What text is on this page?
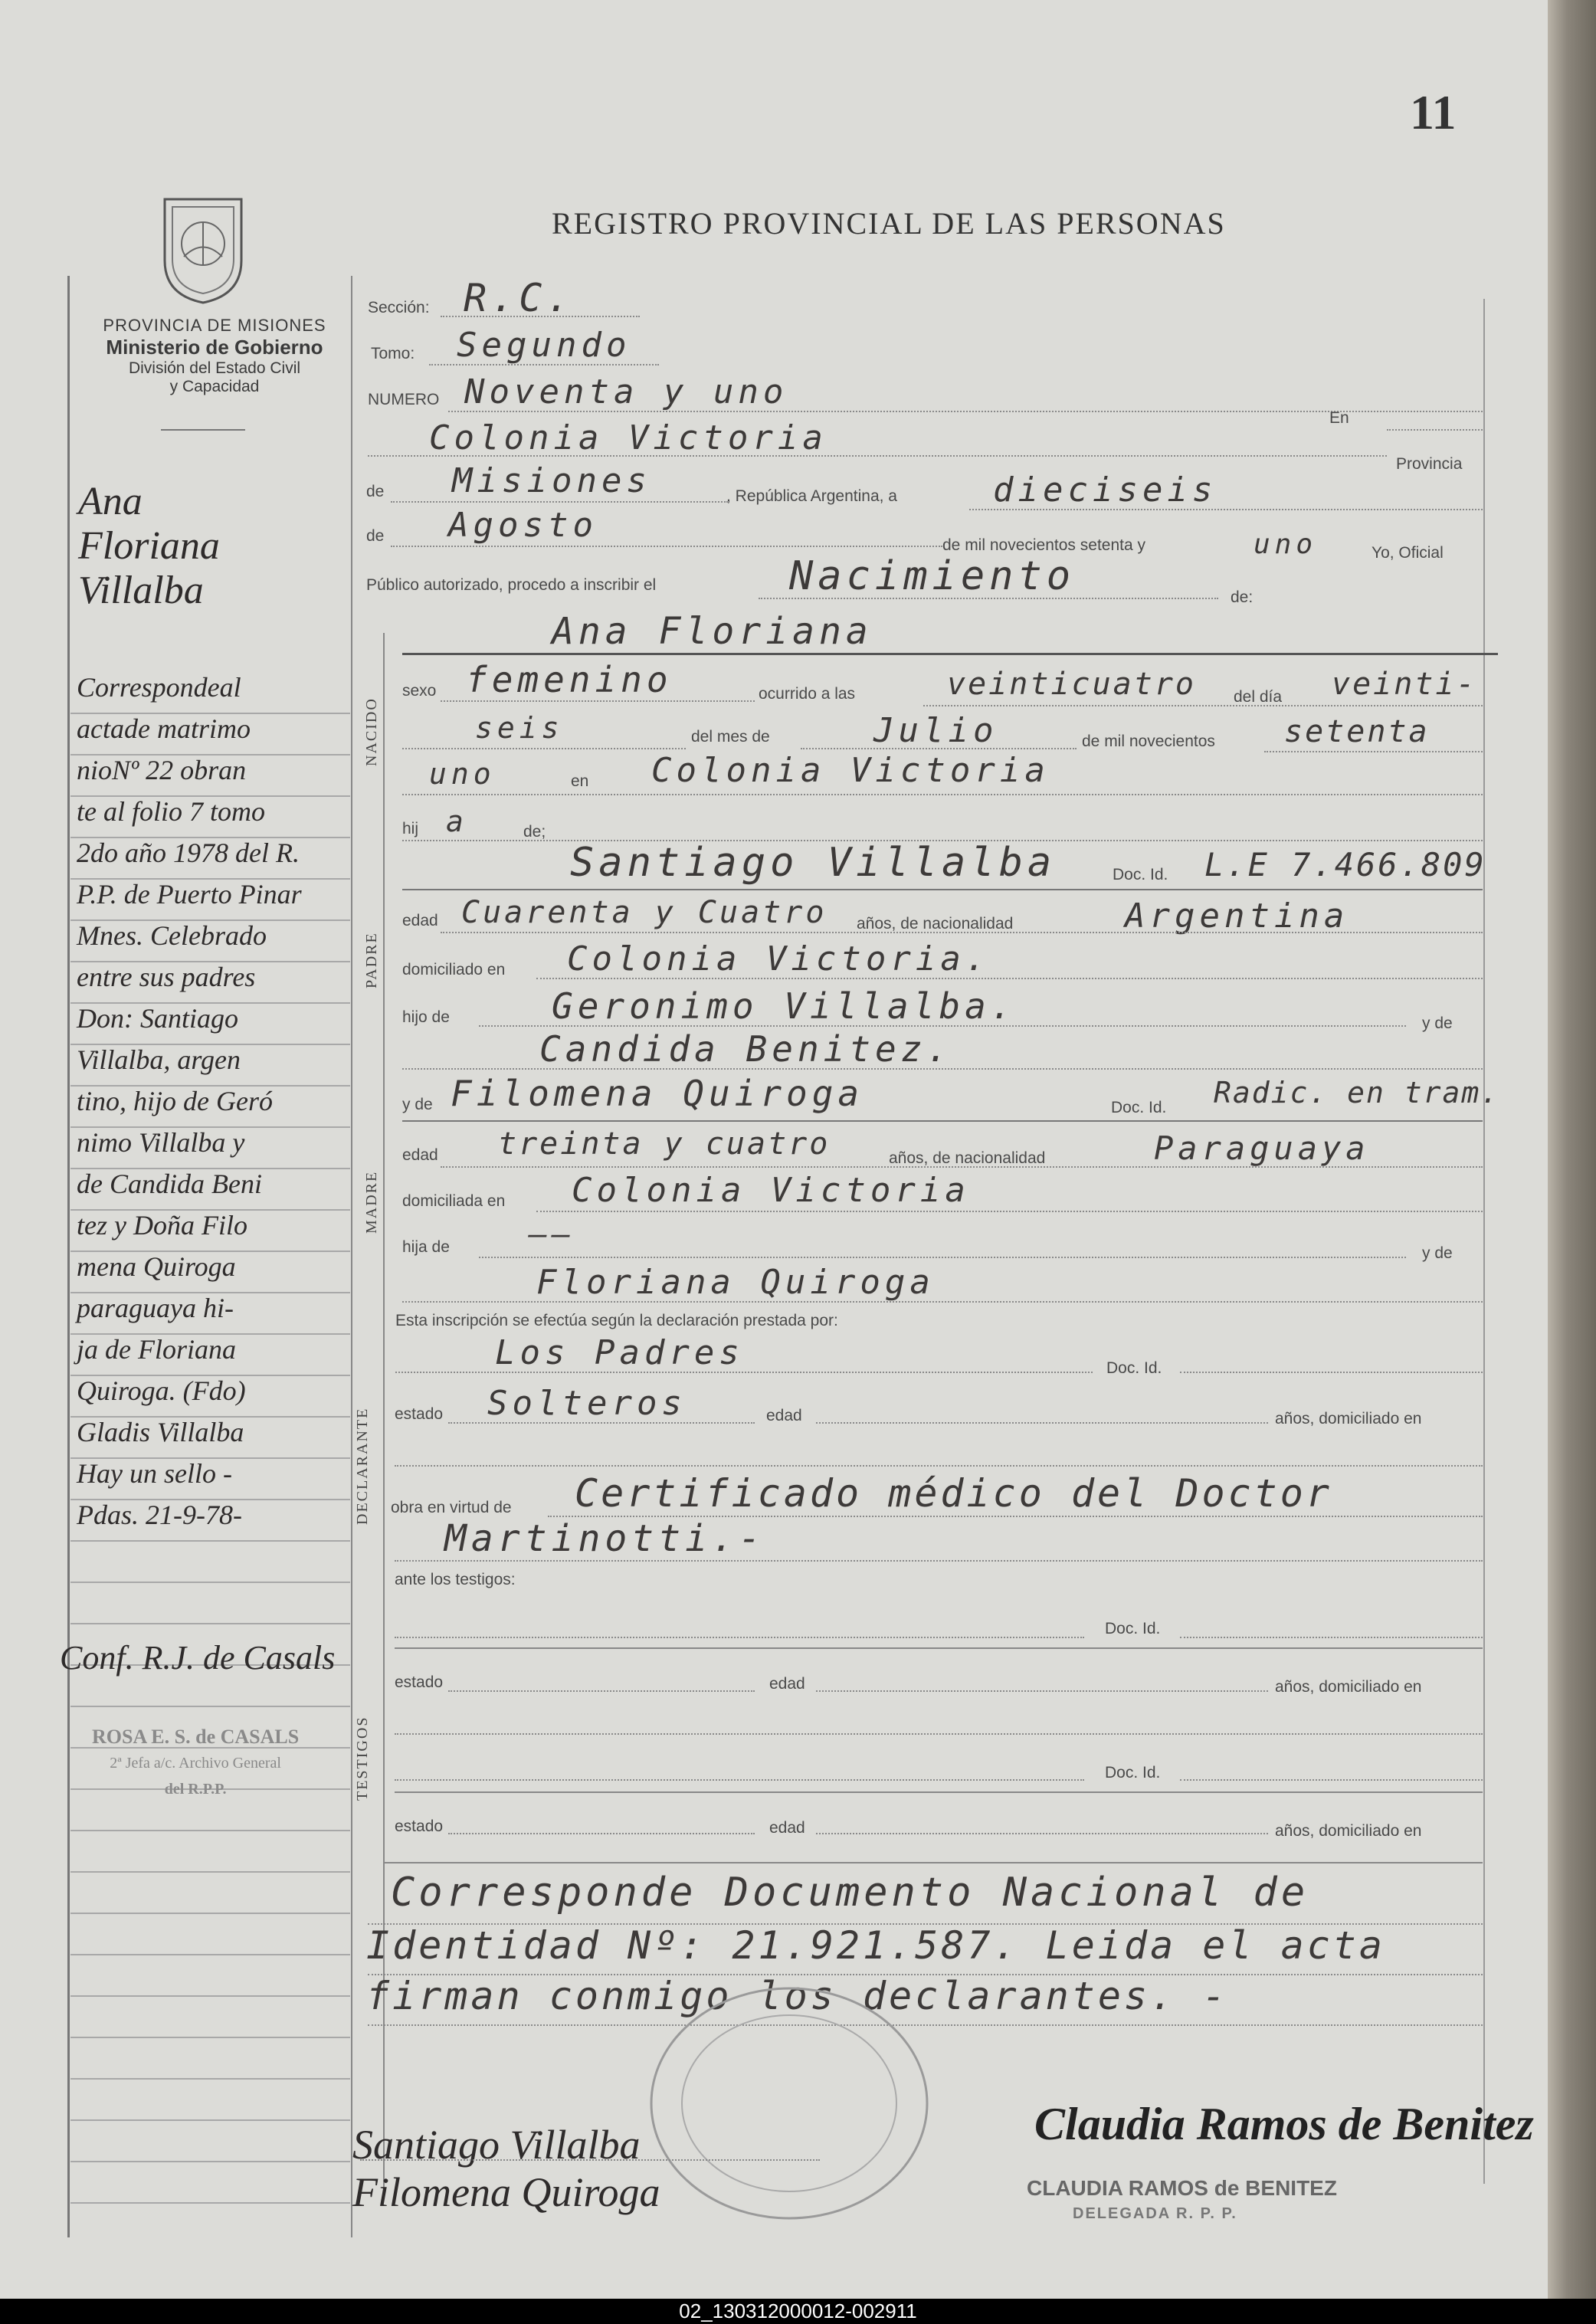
11
REGISTRO PROVINCIAL DE LAS PERSONAS
PROVINCIA DE MISIONES
Ministerio de Gobierno
División del Estado Civil
y Capacidad
Ana
Floriana
Villalba
Correspondeal
actade matrimo
nioNº 22 obran
te al folio 7 tomo
2do año 1978 del R.
P.P. de Puerto Pinar
Mnes. Celebrado
entre sus padres
Don: Santiago
Villalba, argen
tino, hijo de Geró
nimo Villalba y
de Candida Beni
tez y Doña Filo
mena Quiroga
paraguaya hi-
ja de Floriana
Quiroga. (Fdo)
Gladis Villalba
Hay un sello -
Pdas. 21-9-78-
Conf. R.J. de Casals
ROSA E. S. de CASALS
2ª Jefa a/c. Archivo General
del R.P.P.
Sección: R.C.
Tomo: Segundo
NUMERO Noventa y uno
En
Colonia Victoria
Provincia
de Misiones	, República Argentina, a	dieciseis
de Agosto
de mil novecientos setenta y	uno	Yo, Oficial
Público autorizado, procedo a inscribir el	Nacimiento	de:
NACIDO
Ana Floriana
sexo femenino	ocurrido a las	veinticuatro del día veinti-
seis	del mes de	Julio	de mil novecientos setenta
uno	en Colonia Victoria
hij a	de;
PADRE
Santiago Villalba	Doc. Id. L.E 7.466.809
edad Cuarenta y Cuatro años, de nacionalidad	Argentina
domiciliado en Colonia Victoria.
hijo de	Geronimo Villalba.	y de
Candida Benitez.
MADRE
y de Filomena Quiroga	Doc. Id. Radic. en tram.
edad treinta y cuatro	años, de nacionalidad	Paraguaya
domiciliada en Colonia Victoria
hija de	——
y de
Floriana Quiroga
Esta inscripción se efectúa según la declaración prestada por:
Los Padres	Doc. Id.
DECLARANTE estado Solteros	edad	años, domiciliado en
obra en virtud de Certificado médico del Doctor
Martinotti.-
ante los testigos:
TESTIGOS
Doc. Id.
estado	edad	años, domiciliado en
Doc. Id.
estado	edad	años, domiciliado en
Corresponde Documento Nacional de
Identidad Nº: 21.921.587. Leida el acta
firman conmigo los declarantes. -
Santiago Villalba
Filomena Quiroga
Claudia Ramos de Benitez
CLAUDIA RAMOS de BENITEZ
DELEGADA R. P. P.
02_130312000012-002911
